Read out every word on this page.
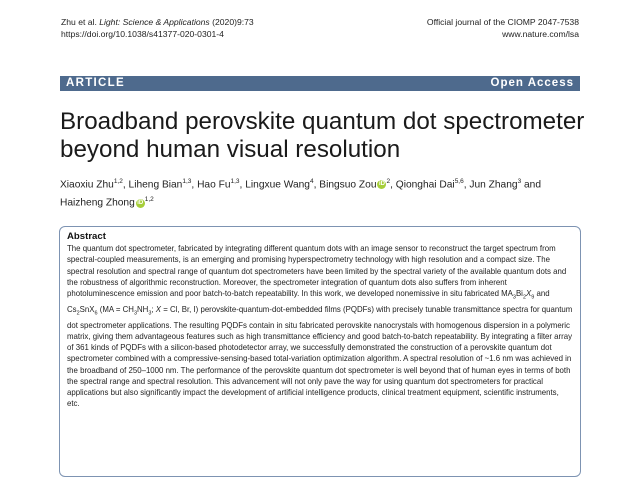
Zhu et al. Light: Science & Applications (2020)9:73
https://doi.org/10.1038/s41377-020-0301-4
Official journal of the CIOMP 2047-7538
www.nature.com/lsa
ARTICLE	Open Access
Broadband perovskite quantum dot spectrometer beyond human visual resolution
Xiaoxiu Zhu$^{1,2}$, Liheng Bian$^{1,3}$, Hao Fu$^{1,3}$, Lingxue Wang$^4$, Bingsuo Zou iD $^2$, Qionghai Dai$^{5,6}$, Jun Zhang$^3$ and
Haizheng Zhong iD $^{1,2}$
Abstract
The quantum dot spectrometer, fabricated by integrating different quantum dots with an image sensor to reconstruct the target spectrum from spectral-coupled measurements, is an emerging and promising hyperspectrometry technology with high resolution and a compact size. The spectral resolution and spectral range of quantum dot spectrometers have been limited by the spectral variety of the available quantum dots and the robustness of algorithmic reconstruction. Moreover, the spectrometer integration of quantum dots also suffers from inherent photoluminescence emission and poor batch-to-batch repeatability. In this work, we developed nonemissive in situ fabricated $MA_3Bi_2X_9$ and $Cs_2SnX_6$ ($MA = CH_3NH_3$; X = Cl, Br, I) perovskite-quantum-dot-embedded films (PQDFs) with precisely tunable transmittance spectra for quantum dot spectrometer applications. The resulting PQDFs contain in situ fabricated perovskite nanocrystals with homogenous dispersion in a polymeric matrix, giving them advantageous features such as high transmittance efficiency and good batch-to-batch repeatability. By integrating a filter array of 361 kinds of PQDFs with a silicon-based photodetector array, we successfully demonstrated the construction of a perovskite quantum dot spectrometer combined with a compressive-sensing-based total-variation optimization algorithm. A spectral resolution of ~1.6 nm was achieved in the broadband of 250–1000 nm. The performance of the perovskite quantum dot spectrometer is well beyond that of human eyes in terms of both the spectral range and spectral resolution. This advancement will not only pave the way for using quantum dot spectrometers for practical applications but also significantly impact the development of artificial intelligence products, clinical treatment equipment, scientific instruments, etc.
